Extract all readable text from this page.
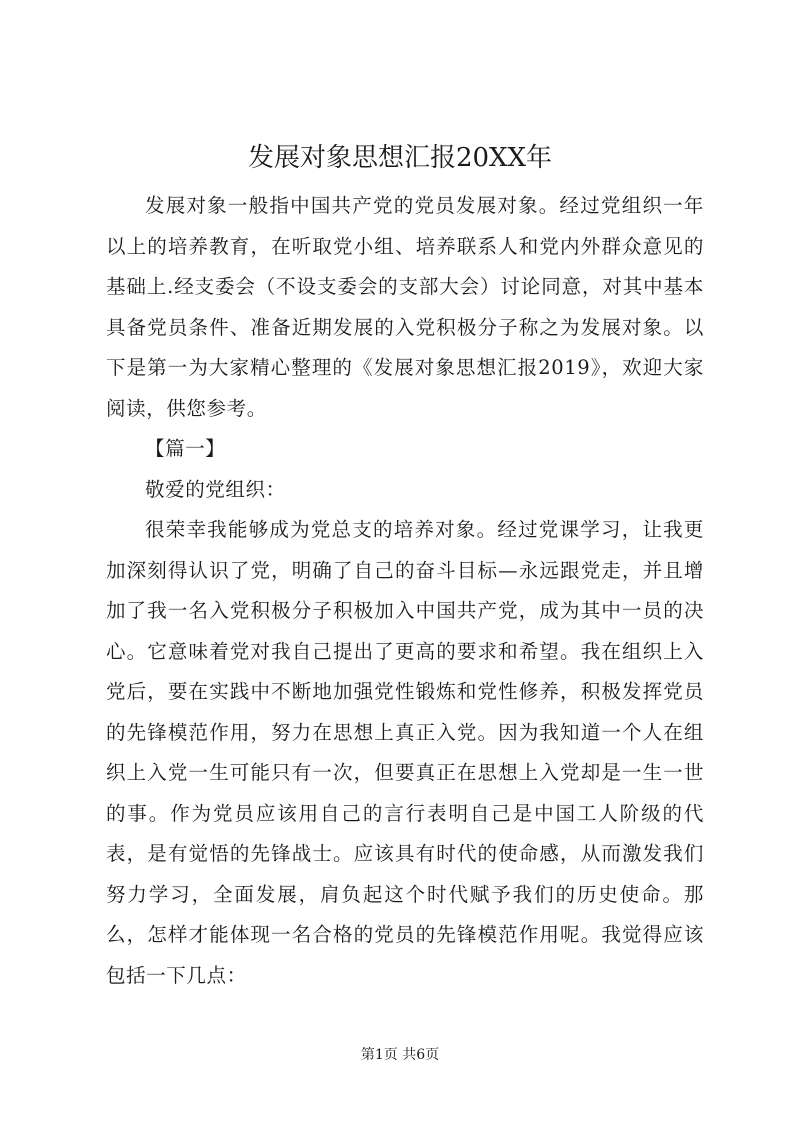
发展对象思想汇报20XX年

发展对象一般指中国共产党的党员发展对象。经过党组织一年以上的培养教育，在听取党小组、培养联系人和党内外群众意见的基础上.经支委会（不设支委会的支部大会）讨论同意，对其中基本具备党员条件、准备近期发展的入党积极分子称之为发展对象。以下是第一为大家精心整理的《发展对象思想汇报2019》，欢迎大家阅读，供您参考。

【篇一】

敬爱的党组织：

很荣幸我能够成为党总支的培养对象。经过党课学习，让我更加深刻得认识了党，明确了自己的奋斗目标—永远跟党走，并且增加了我一名入党积极分子积极加入中国共产党，成为其中一员的决心。它意味着党对我自己提出了更高的要求和希望。我在组织上入党后，要在实践中不断地加强党性锻炼和党性修养，积极发挥党员的先锋模范作用，努力在思想上真正入党。因为我知道一个人在组织上入党一生可能只有一次，但要真正在思想上入党却是一生一世的事。作为党员应该用自己的言行表明自己是中国工人阶级的代表，是有觉悟的先锋战士。应该具有时代的使命感，从而激发我们努力学习，全面发展，肩负起这个时代赋予我们的历史使命。那么，怎样才能体现一名合格的党员的先锋模范作用呢。我觉得应该包括一下几点：

第1页 共6页
